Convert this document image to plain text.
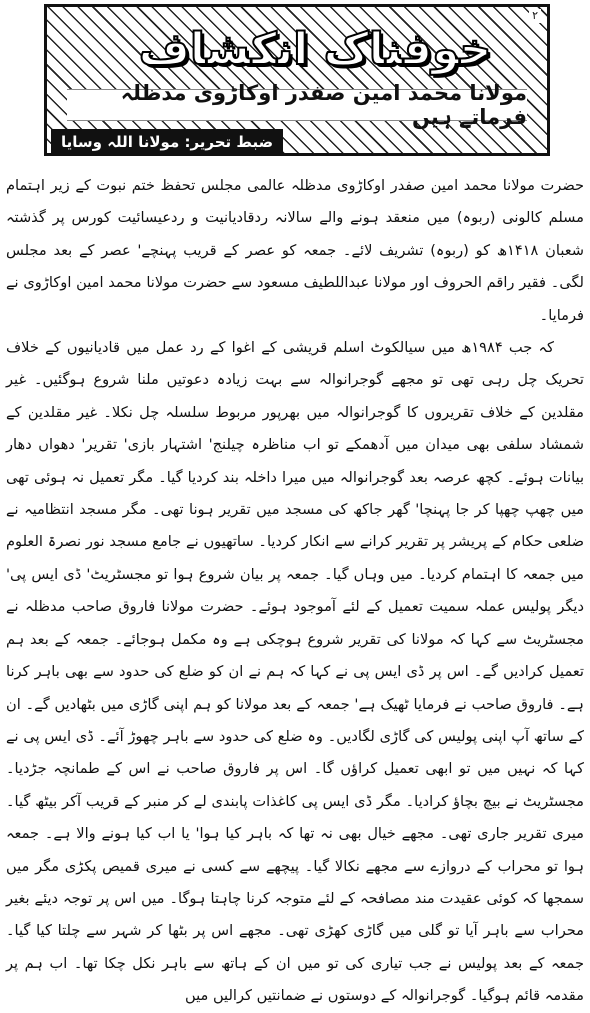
۲
خوفناک انکشاف
مولانا محمد امین صفدر اوکاڑوی مدظلہ فرماتے ہیں
ضبط تحریر: مولانا اللہ وسایا

حضرت مولانا محمد امین صفدر اوکاڑوی مدظلہ عالمی مجلس تحفظ ختم نبوت کے زیر اہتمام مسلم کالونی (ربوہ) میں منعقد ہونے والے سالانہ ردقادیانیت و ردعیسائیت کورس پر گذشتہ شعبان ۱۴۱۸ھ کو (ربوہ) تشریف لائے۔ جمعہ کو عصر کے قریب پہنچے' عصر کے بعد مجلس لگی۔ فقیر راقم الحروف اور مولانا عبداللطیف مسعود سے حضرت مولانا محمد امین اوکاڑوی نے فرمایا۔

کہ جب ۱۹۸۴ھ میں سیالکوٹ اسلم قریشی کے اغوا کے رد عمل میں قادیانیوں کے خلاف تحریک چل رہی تھی تو مجھے گوجرانوالہ سے بہت زیادہ دعوتیں ملنا شروع ہوگئیں۔ غیر مقلدین کے خلاف تقریروں کا گوجرانوالہ میں بھرپور مربوط سلسلہ چل نکلا۔ غیر مقلدین کے شمشاد سلفی بھی میدان میں آدھمکے تو اب مناظرہ چیلنج' اشتہار بازی' تقریر' دھواں دھار بیانات ہوئے۔ کچھ عرصہ بعد گوجرانوالہ میں میرا داخلہ بند کردیا گیا۔ مگر تعمیل نہ ہوئی تھی میں چھپ چھپا کر جا پہنچا' گھر جاکھ کی مسجد میں تقریر ہونا تھی۔ مگر مسجد انتظامیہ نے ضلعی حکام کے پریشر پر تقریر کرانے سے انکار کردیا۔ ساتھیوں نے جامع مسجد نور نصرۃ العلوم میں جمعہ کا اہتمام کردیا۔ میں وہاں گیا۔ جمعہ پر بیان شروع ہوا تو مجسٹریٹ' ڈی ایس پی' دیگر پولیس عملہ سمیت تعمیل کے لئے آموجود ہوئے۔ حضرت مولانا فاروق صاحب مدظلہ نے مجسٹریٹ سے کہا کہ مولانا کی تقریر شروع ہوچکی ہے وہ مکمل ہوجائے۔ جمعہ کے بعد ہم تعمیل کرادیں گے۔ اس پر ڈی ایس پی نے کہا کہ ہم نے ان کو ضلع کی حدود سے بھی باہر کرنا ہے۔ فاروق صاحب نے فرمایا ٹھیک ہے' جمعہ کے بعد مولانا کو ہم اپنی گاڑی میں بٹھادیں گے۔ ان کے ساتھ آپ اپنی پولیس کی گاڑی لگادیں۔ وہ ضلع کی حدود سے باہر چھوڑ آئے۔ ڈی ایس پی نے کہا کہ نہیں میں تو ابھی تعمیل کراؤں گا۔ اس پر فاروق صاحب نے اس کے طمانچہ جڑدیا۔ مجسٹریٹ نے بیچ بچاؤ کرادیا۔ مگر ڈی ایس پی کاغذات پابندی لے کر منبر کے قریب آکر بیٹھ گیا۔ میری تقریر جاری تھی۔ مجھے خیال بھی نہ تھا کہ باہر کیا ہوا' یا اب کیا ہونے والا ہے۔ جمعہ ہوا تو محراب کے دروازے سے مجھے نکالا گیا۔ پیچھے سے کسی نے میری قمیص پکڑی مگر میں سمجھا کہ کوئی عقیدت مند مصافحہ کے لئے متوجہ کرنا چاہتا ہوگا۔ میں اس پر توجہ دیئے بغیر محراب سے باہر آیا تو گلی میں گاڑی کھڑی تھی۔ مجھے اس پر بٹھا کر شہر سے چلتا کیا گیا۔ جمعہ کے بعد پولیس نے جب تیاری کی تو میں ان کے ہاتھ سے باہر نکل چکا تھا۔ اب ہم پر مقدمہ قائم ہوگیا۔ گوجرانوالہ کے دوستوں نے ضمانتیں کرالیں میں
